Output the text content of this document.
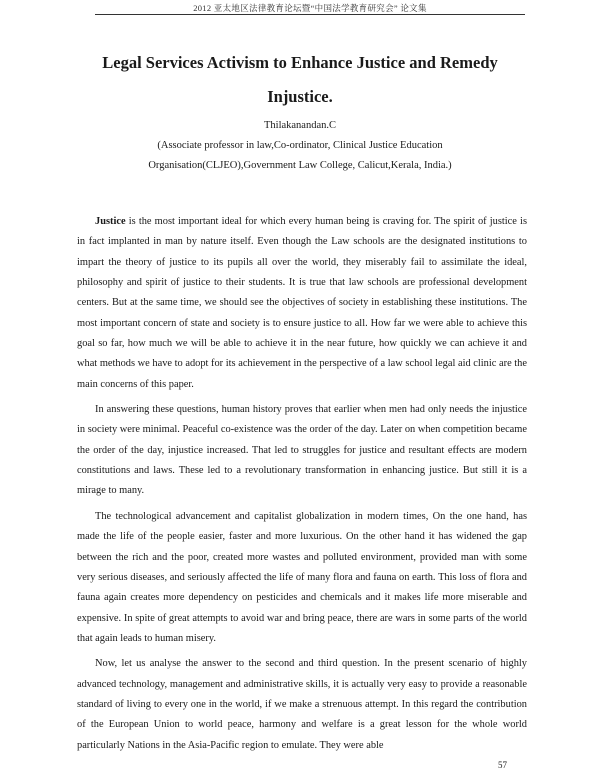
2012 亚太地区法律教育论坛暨“中国法学教育研究会” 论文集
Legal Services Activism to Enhance Justice and Remedy
Injustice.
Thilakanandan.C
(Associate professor in law,Co-ordinator, Clinical Justice Education
Organisation(CLJEO),Government Law College, Calicut,Kerala, India.)

Justice is the most important ideal for which every human being is craving for. The spirit of justice is in fact implanted in man by nature itself. Even though the Law schools are the designated institutions to impart the theory of justice to its pupils all over the world, they miserably fail to assimilate the ideal, philosophy and spirit of justice to their students. It is true that law schools are professional development centers. But at the same time, we should see the objectives of society in establishing these institutions. The most important concern of state and society is to ensure justice to all. How far we were able to achieve this goal so far, how much we will be able to achieve it in the near future, how quickly we can achieve it and what methods we have to adopt for its achievement in the perspective of a law school legal aid clinic are the main concerns of this paper.

In answering these questions, human history proves that earlier when men had only needs the injustice in society were minimal. Peaceful co-existence was the order of the day. Later on when competition became the order of the day, injustice increased. That led to struggles for justice and resultant effects are modern constitutions and laws. These led to a revolutionary transformation in enhancing justice. But still it is a mirage to many.

The technological advancement and capitalist globalization in modern times, On the one hand, has made the life of the people easier, faster and more luxurious. On the other hand it has widened the gap between the rich and the poor, created more wastes and polluted environment, provided man with some very serious diseases, and seriously affected the life of many flora and fauna on earth. This loss of flora and fauna again creates more dependency on pesticides and chemicals and it makes life more miserable and expensive. In spite of great attempts to avoid war and bring peace, there are wars in some parts of the world that again leads to human misery.

Now, let us analyse the answer to the second and third question. In the present scenario of highly advanced technology, management and administrative skills, it is actually very easy to provide a reasonable standard of living to every one in the world, if we make a strenuous attempt. In this regard the contribution of the European Union to world peace, harmony and welfare is a great lesson for the whole world particularly Nations in the Asia-Pacific region to emulate. They were able

57
